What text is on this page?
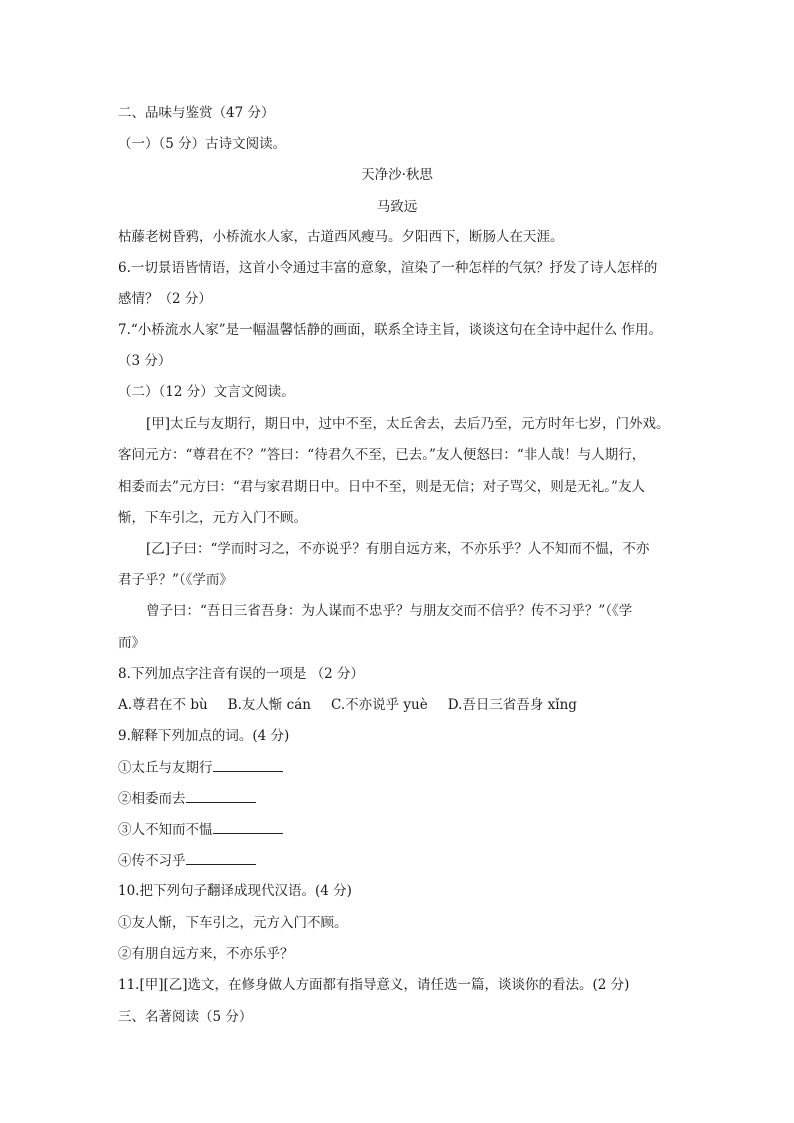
二、品味与鉴赏（47 分）
（一）（5 分）古诗文阅读。
天净沙·秋思
马致远
枯藤老树昏鸦，小桥流水人家，古道西风瘦马。夕阳西下，断肠人在天涯。
6.一切景语皆情语，这首小令通过丰富的意象，渲染了一种怎样的气氛？抒发了诗人怎样的
感情？（2 分）
7.“小桥流水人家”是一幅温馨恬静的画面，联系全诗主旨，谈谈这句在全诗中起什么 作用。
（3 分）
（二）（12 分）文言文阅读。
[甲]太丘与友期行，期日中，过中不至，太丘舍去，去后乃至，元方时年七岁，门外戏。
客问元方：“尊君在不？”答曰：“待君久不至，已去。”友人便怒曰：“非人哉！与人期行，
相委而去”元方曰：“君与家君期日中。日中不至，则是无信；对子骂父，则是无礼。”友人
惭，下车引之，元方入门不顾。
[乙]子曰：“学而时习之，不亦说乎？有朋自远方来，不亦乐乎？人不知而不愠，不亦
君子乎？”（《学而》
曾子曰：“吾日三省吾身：为人谋而不忠乎？与朋友交而不信乎？传不习乎？”（《学
而》
8.下列加点字注音有误的一项是 （2 分）
A.尊君在不 bù B.友人惭 cán C.不亦说乎 yuè D.吾日三省吾身 xǐng
9.解释下列加点的词。(4 分)
①太丘与友期行
②相委而去
③人不知而不愠
④传不习乎
10.把下列句子翻译成现代汉语。(4 分)
①友人惭，下车引之，元方入门不顾。
②有朋自远方来，不亦乐乎？
11.[甲][乙]选文，在修身做人方面都有指导意义，请任选一篇，谈谈你的看法。(2 分)
三、名著阅读（5 分）
